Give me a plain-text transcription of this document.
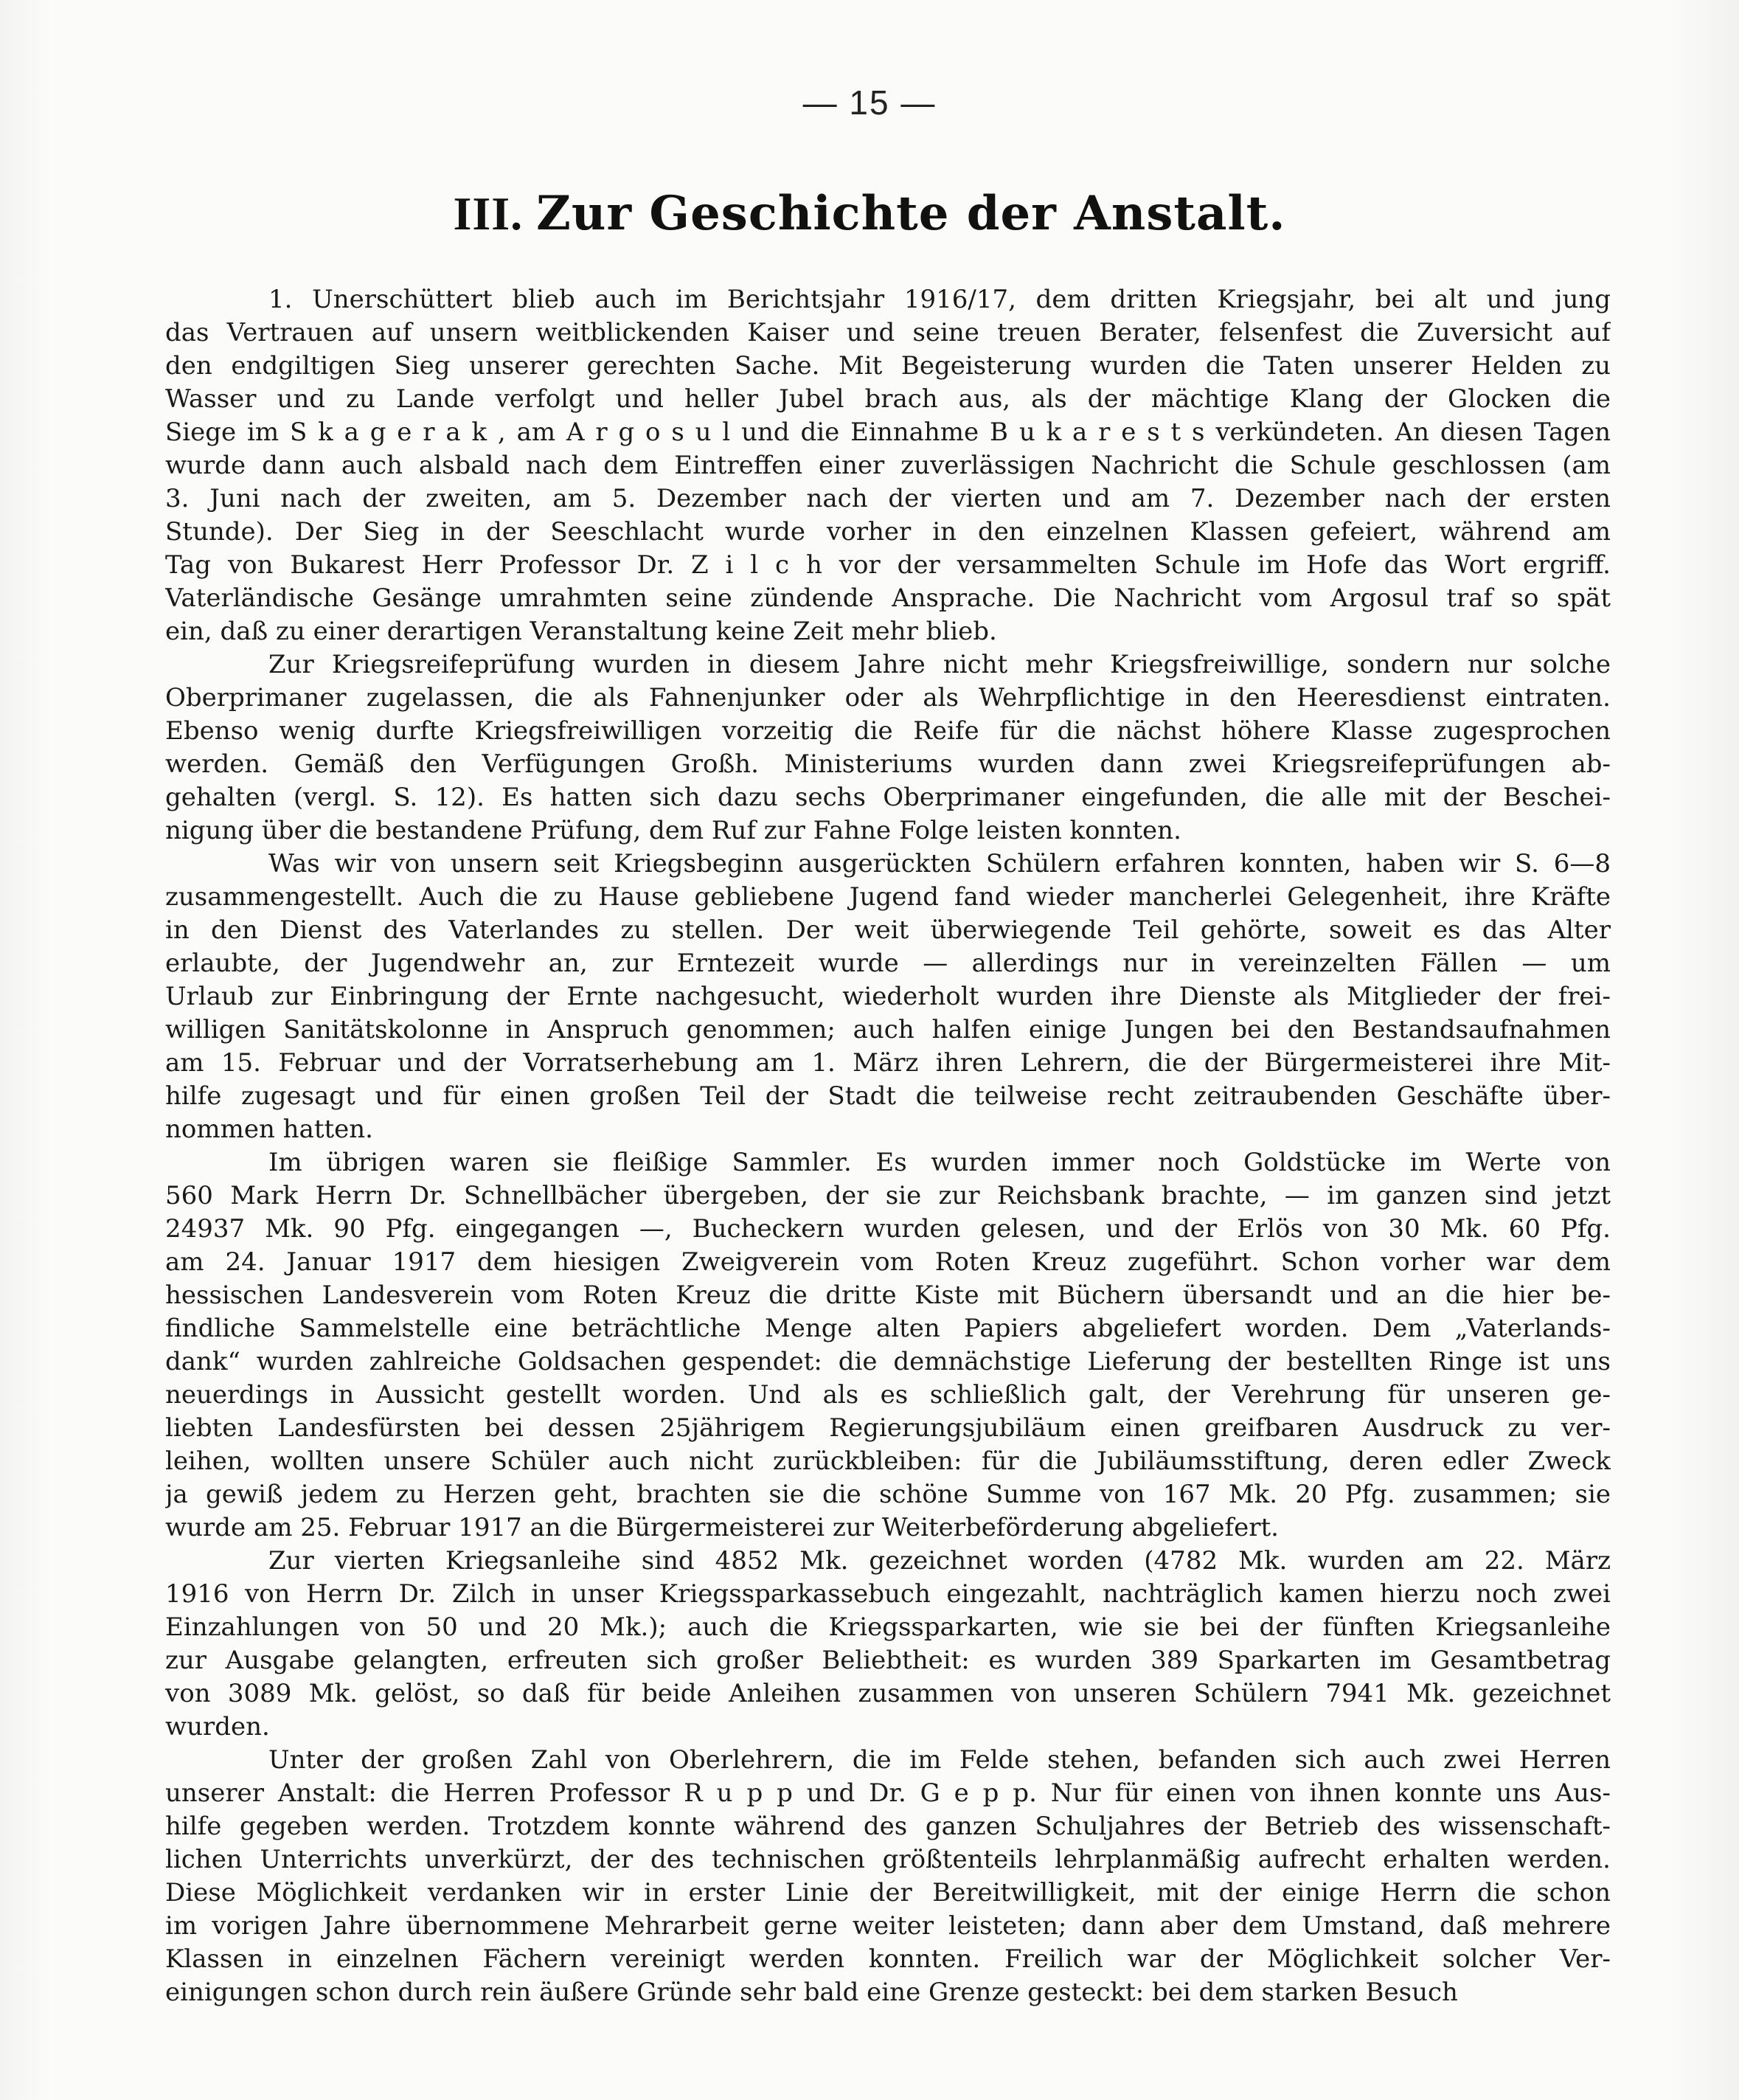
— 15 —
III. Zur Geschichte der Anstalt.

1. Unerschüttert blieb auch im Berichtsjahr 1916/17, dem dritten Kriegsjahr, bei alt und jung
das Vertrauen auf unsern weitblickenden Kaiser und seine treuen Berater, felsenfest die Zuversicht auf
den endgiltigen Sieg unserer gerechten Sache. Mit Begeisterung wurden die Taten unserer Helden zu
Wasser und zu Lande verfolgt und heller Jubel brach aus, als der mächtige Klang der Glocken die
Siege im S k a g e r a k , am A r g o s u l und die Einnahme B u k a r e s t s verkündeten. An diesen Tagen
wurde dann auch alsbald nach dem Eintreffen einer zuverlässigen Nachricht die Schule geschlossen (am
3. Juni nach der zweiten, am 5. Dezember nach der vierten und am 7. Dezember nach der ersten
Stunde). Der Sieg in der Seeschlacht wurde vorher in den einzelnen Klassen gefeiert, während am
Tag von Bukarest Herr Professor Dr. Z i l c h vor der versammelten Schule im Hofe das Wort ergriff.
Vaterländische Gesänge umrahmten seine zündende Ansprache. Die Nachricht vom Argosul traf so spät
ein, daß zu einer derartigen Veranstaltung keine Zeit mehr blieb.

Zur Kriegsreifeprüfung wurden in diesem Jahre nicht mehr Kriegsfreiwillige, sondern nur solche
Oberprimaner zugelassen, die als Fahnenjunker oder als Wehrpflichtige in den Heeresdienst eintraten.
Ebenso wenig durfte Kriegsfreiwilligen vorzeitig die Reife für die nächst höhere Klasse zugesprochen
werden. Gemäß den Verfügungen Großh. Ministeriums wurden dann zwei Kriegsreifeprüfungen ab-
gehalten (vergl. S. 12). Es hatten sich dazu sechs Oberprimaner eingefunden, die alle mit der Beschei-
nigung über die bestandene Prüfung, dem Ruf zur Fahne Folge leisten konnten.

Was wir von unsern seit Kriegsbeginn ausgerückten Schülern erfahren konnten, haben wir S. 6—8
zusammengestellt. Auch die zu Hause gebliebene Jugend fand wieder mancherlei Gelegenheit, ihre Kräfte
in den Dienst des Vaterlandes zu stellen. Der weit überwiegende Teil gehörte, soweit es das Alter
erlaubte, der Jugendwehr an, zur Erntezeit wurde — allerdings nur in vereinzelten Fällen — um
Urlaub zur Einbringung der Ernte nachgesucht, wiederholt wurden ihre Dienste als Mitglieder der frei-
willigen Sanitätskolonne in Anspruch genommen; auch halfen einige Jungen bei den Bestandsaufnahmen
am 15. Februar und der Vorratserhebung am 1. März ihren Lehrern, die der Bürgermeisterei ihre Mit-
hilfe zugesagt und für einen großen Teil der Stadt die teilweise recht zeitraubenden Geschäfte über-
nommen hatten.

Im übrigen waren sie fleißige Sammler. Es wurden immer noch Goldstücke im Werte von
560 Mark Herrn Dr. Schnellbächer übergeben, der sie zur Reichsbank brachte, — im ganzen sind jetzt
24937 Mk. 90 Pfg. eingegangen —, Bucheckern wurden gelesen, und der Erlös von 30 Mk. 60 Pfg.
am 24. Januar 1917 dem hiesigen Zweigverein vom Roten Kreuz zugeführt. Schon vorher war dem
hessischen Landesverein vom Roten Kreuz die dritte Kiste mit Büchern übersandt und an die hier be-
findliche Sammelstelle eine beträchtliche Menge alten Papiers abgeliefert worden. Dem „Vaterlands-
dank“ wurden zahlreiche Goldsachen gespendet: die demnächstige Lieferung der bestellten Ringe ist uns
neuerdings in Aussicht gestellt worden. Und als es schließlich galt, der Verehrung für unseren ge-
liebten Landesfürsten bei dessen 25jährigem Regierungsjubiläum einen greifbaren Ausdruck zu ver-
leihen, wollten unsere Schüler auch nicht zurückbleiben: für die Jubiläumsstiftung, deren edler Zweck
ja gewiß jedem zu Herzen geht, brachten sie die schöne Summe von 167 Mk. 20 Pfg. zusammen; sie
wurde am 25. Februar 1917 an die Bürgermeisterei zur Weiterbeförderung abgeliefert.

Zur vierten Kriegsanleihe sind 4852 Mk. gezeichnet worden (4782 Mk. wurden am 22. März
1916 von Herrn Dr. Zilch in unser Kriegssparkassebuch eingezahlt, nachträglich kamen hierzu noch zwei
Einzahlungen von 50 und 20 Mk.); auch die Kriegssparkarten, wie sie bei der fünften Kriegsanleihe
zur Ausgabe gelangten, erfreuten sich großer Beliebtheit: es wurden 389 Sparkarten im Gesamtbetrag
von 3089 Mk. gelöst, so daß für beide Anleihen zusammen von unseren Schülern 7941 Mk. gezeichnet
wurden.

Unter der großen Zahl von Oberlehrern, die im Felde stehen, befanden sich auch zwei Herren
unserer Anstalt: die Herren Professor R u p p und Dr. G e p p. Nur für einen von ihnen konnte uns Aus-
hilfe gegeben werden. Trotzdem konnte während des ganzen Schuljahres der Betrieb des wissenschaft-
lichen Unterrichts unverkürzt, der des technischen größtenteils lehrplanmäßig aufrecht erhalten werden.
Diese Möglichkeit verdanken wir in erster Linie der Bereitwilligkeit, mit der einige Herrn die schon
im vorigen Jahre übernommene Mehrarbeit gerne weiter leisteten; dann aber dem Umstand, daß mehrere
Klassen in einzelnen Fächern vereinigt werden konnten. Freilich war der Möglichkeit solcher Ver-
einigungen schon durch rein äußere Gründe sehr bald eine Grenze gesteckt: bei dem starken Besuch
